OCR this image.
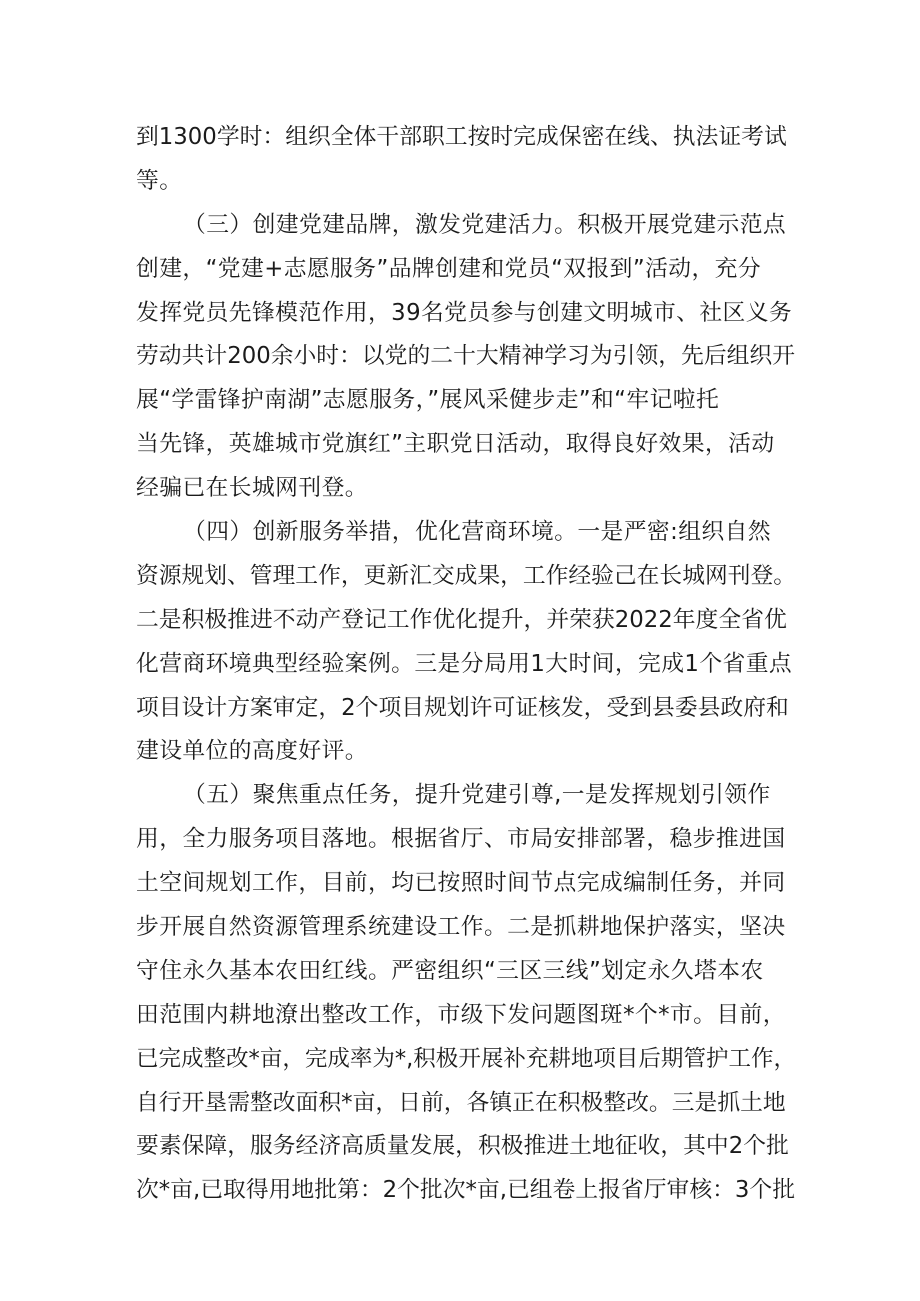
到1300学时：组织全体干部职工按时完成保密在线、执法证考试
等。
（三）创建党建品牌，激发党建活力。积极开展党建示范点
创建，“党建+志愿服务”品牌创建和党员“双报到”活动，充分
发挥党员先锋模范作用，39名党员参与创建文明城市、社区义务
劳动共计200余小时：以党的二十大精神学习为引领，先后组织开
展“学雷锋护南湖”志愿服务，”展风采健步走”和“牢记啦托
当先锋，英雄城市党旗红”主职党日活动，取得良好效果，活动
经骗已在长城网刊登。
（四）创新服务举措，优化营商环境。一是严密:组织自然
资源规划、管理工作，更新汇交成果，工作经验己在长城网刊登。
二是积极推进不动产登记工作优化提升，并荣获2022年度全省优
化营商环境典型经验案例。三是分局用1大时间，完成1个省重点
项目设计方案审定，2个项目规划许可证核发，受到县委县政府和
建设单位的高度好评。
（五）聚焦重点任务，提升党建引尊,一是发挥规划引领作
用，全力服务项目落地。根据省厅、市局安排部署，稳步推进国
土空间规划工作，目前，均已按照时间节点完成编制任务，并同
步开展自然资源管理系统建设工作。二是抓耕地保护落实，坚决
守住永久基本农田红线。严密组织“三区三线”划定永久塔本农
田范围内耕地潦出整改工作，市级下发问题图斑*个*市。目前，
已完成整改*亩，完成率为*,积极开展补充耕地项目后期管护工作，
自行开垦需整改面积*亩，日前，各镇正在积极整改。三是抓土地
要素保障，服务经济高质量发展，积极推进土地征收，其中2个批
次*亩,已取得用地批第：2个批次*亩,已组卷上报省厅审核：3个批
